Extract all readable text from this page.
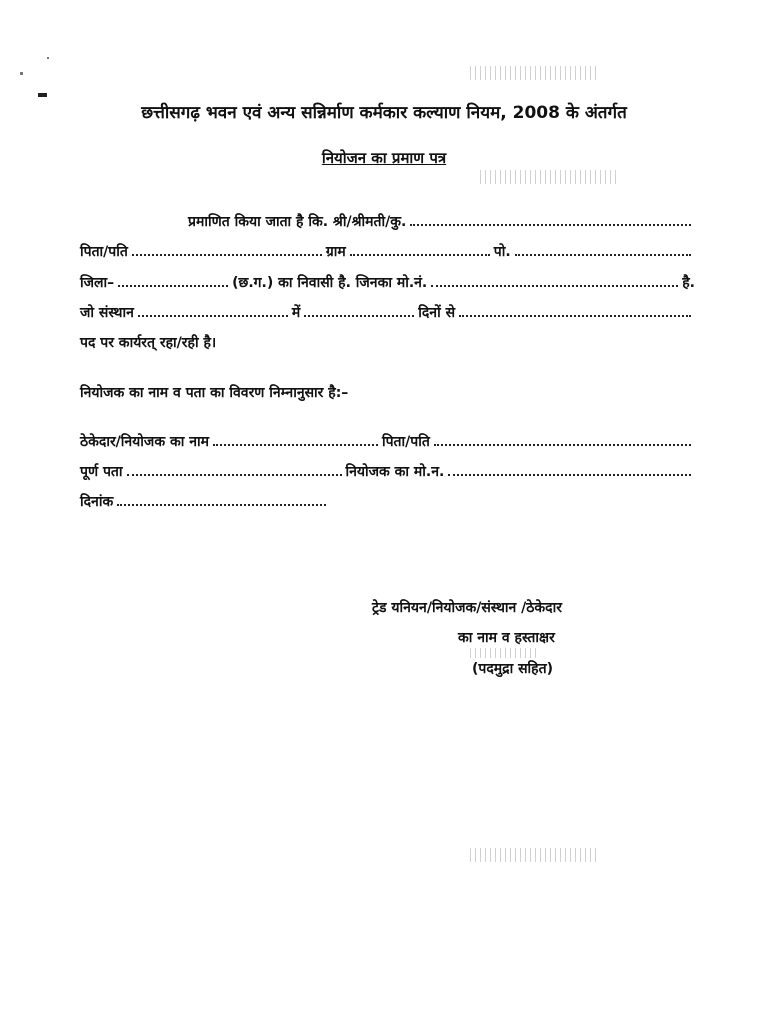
छत्तीसगढ़ भवन एवं अन्य सन्निर्माण कर्मकार कल्याण नियम, 2008 के अंतर्गत
नियोजन का प्रमाण पत्र
प्रमाणित किया जाता है कि. श्री/श्रीमती/कु.
पिता/पति	ग्राम	पो.
जिला–	(छ.ग.) का निवासी है. जिनका मो.नं.	है.
जो संस्थान	में	दिनों से
पद पर कार्यरत् रहा/रही है।
नियोजक का नाम व पता का विवरण निम्नानुसार है:–
ठेकेदार/नियोजक का नाम	पिता/पति
पूर्ण पता	नियोजक का मो.न.
दिनांक
ट्रेड यनियन/नियोजक/संस्थान /ठेकेदार
का नाम व हस्ताक्षर
(पदमुद्रा सहित)
